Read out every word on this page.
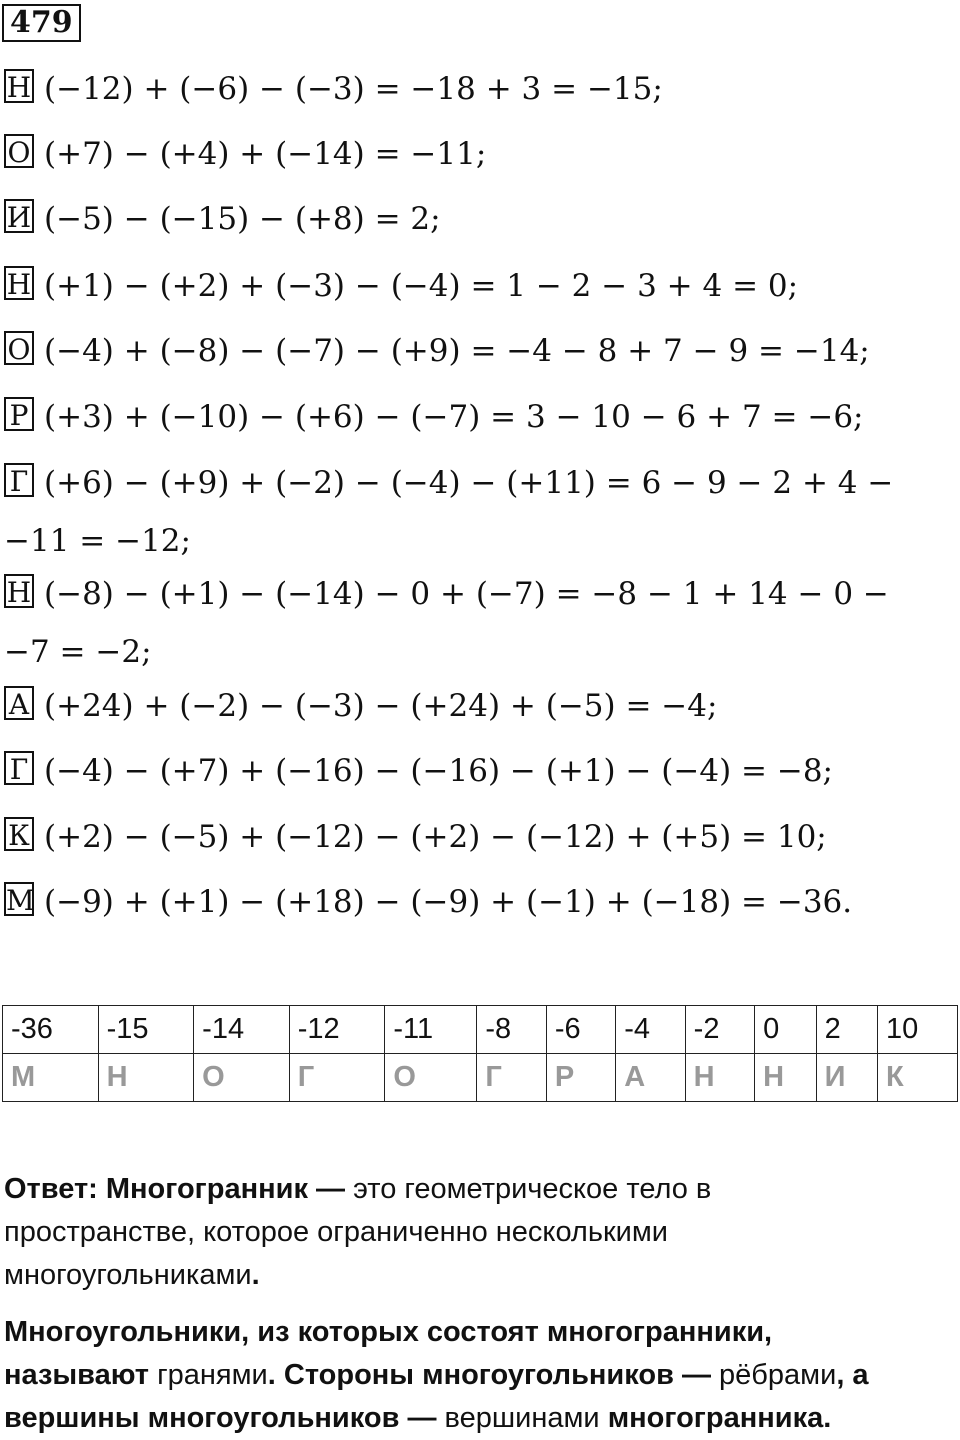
479
Н (−12) + (−6) − (−3) = −18 + 3 = −15;
О (+7) − (+4) + (−14) = −11;
И (−5) − (−15) − (+8) = 2;
Н (+1) − (+2) + (−3) − (−4) = 1 − 2 − 3 + 4 = 0;
О (−4) + (−8) − (−7) − (+9) = −4 − 8 + 7 − 9 = −14;
Р (+3) + (−10) − (+6) − (−7) = 3 − 10 − 6 + 7 = −6;
Г (+6) − (+9) + (−2) − (−4) − (+11) = 6 − 9 − 2 + 4 −
−11 = −12;
Н (−8) − (+1) − (−14) − 0 + (−7) = −8 − 1 + 14 − 0 −
−7 = −2;
А (+24) + (−2) − (−3) − (+24) + (−5) = −4;
Г (−4) − (+7) + (−16) − (−16) − (+1) − (−4) = −8;
К (+2) − (−5) + (−12) − (+2) − (−12) + (+5) = 10;
М (−9) + (+1) − (+18) − (−9) + (−1) + (−18) = −36.
-36	-15	-14	-12	-11	-8	-6	-4	-2	0	2	10
М	Н	О	Г	О	Г	Р	А	Н	Н	И	К
Ответ: Многогранник — это геометрическое тело в
пространстве, которое ограниченно несколькими
многоугольниками.
Многоугольники, из которых состоят многогранники,
называют гранями. Стороны многоугольников — рёбрами, а
вершины многоугольников — вершинами многогранника.
